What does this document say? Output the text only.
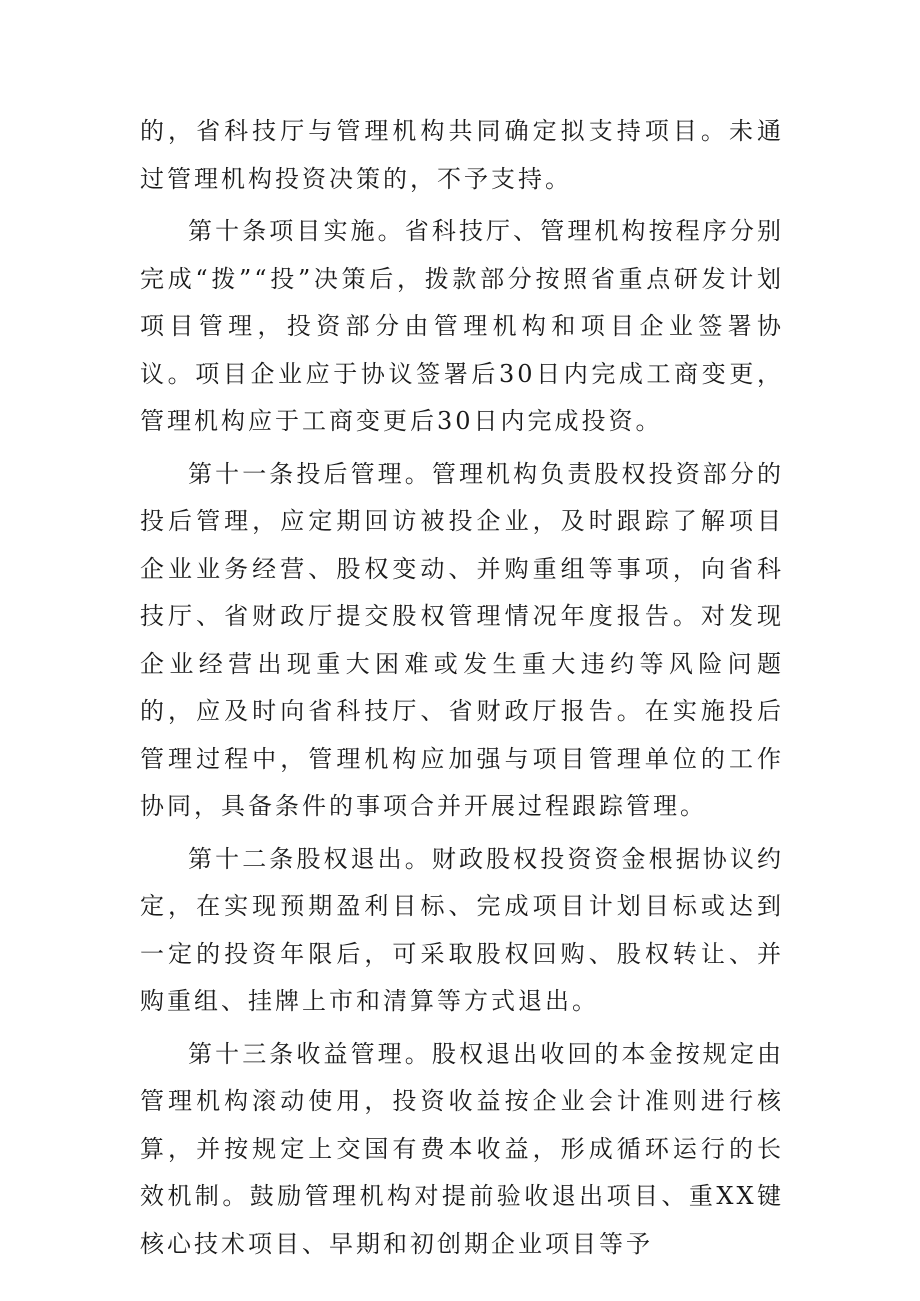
的，省科技厅与管理机构共同确定拟支持项目。未通过管理机构投资决策的，不予支持。

第十条项目实施。省科技厅、管理机构按程序分别完成“拨”“投”决策后，拨款部分按照省重点研发计划项目管理，投资部分由管理机构和项目企业签署协议。项目企业应于协议签署后30日内完成工商变更，管理机构应于工商变更后30日内完成投资。

第十一条投后管理。管理机构负责股权投资部分的投后管理，应定期回访被投企业，及时跟踪了解项目企业业务经营、股权变动、并购重组等事项，向省科技厅、省财政厅提交股权管理情况年度报告。对发现企业经营出现重大困难或发生重大违约等风险问题的，应及时向省科技厅、省财政厅报告。在实施投后管理过程中，管理机构应加强与项目管理单位的工作协同，具备条件的事项合并开展过程跟踪管理。

第十二条股权退出。财政股权投资资金根据协议约定，在实现预期盈利目标、完成项目计划目标或达到一定的投资年限后，可采取股权回购、股权转让、并购重组、挂牌上市和清算等方式退出。

第十三条收益管理。股权退出收回的本金按规定由管理机构滚动使用，投资收益按企业会计准则进行核算，并按规定上交国有费本收益，形成循环运行的长效机制。鼓励管理机构对提前验收退出项目、重XX键核心技术项目、早期和初创期企业项目等予
